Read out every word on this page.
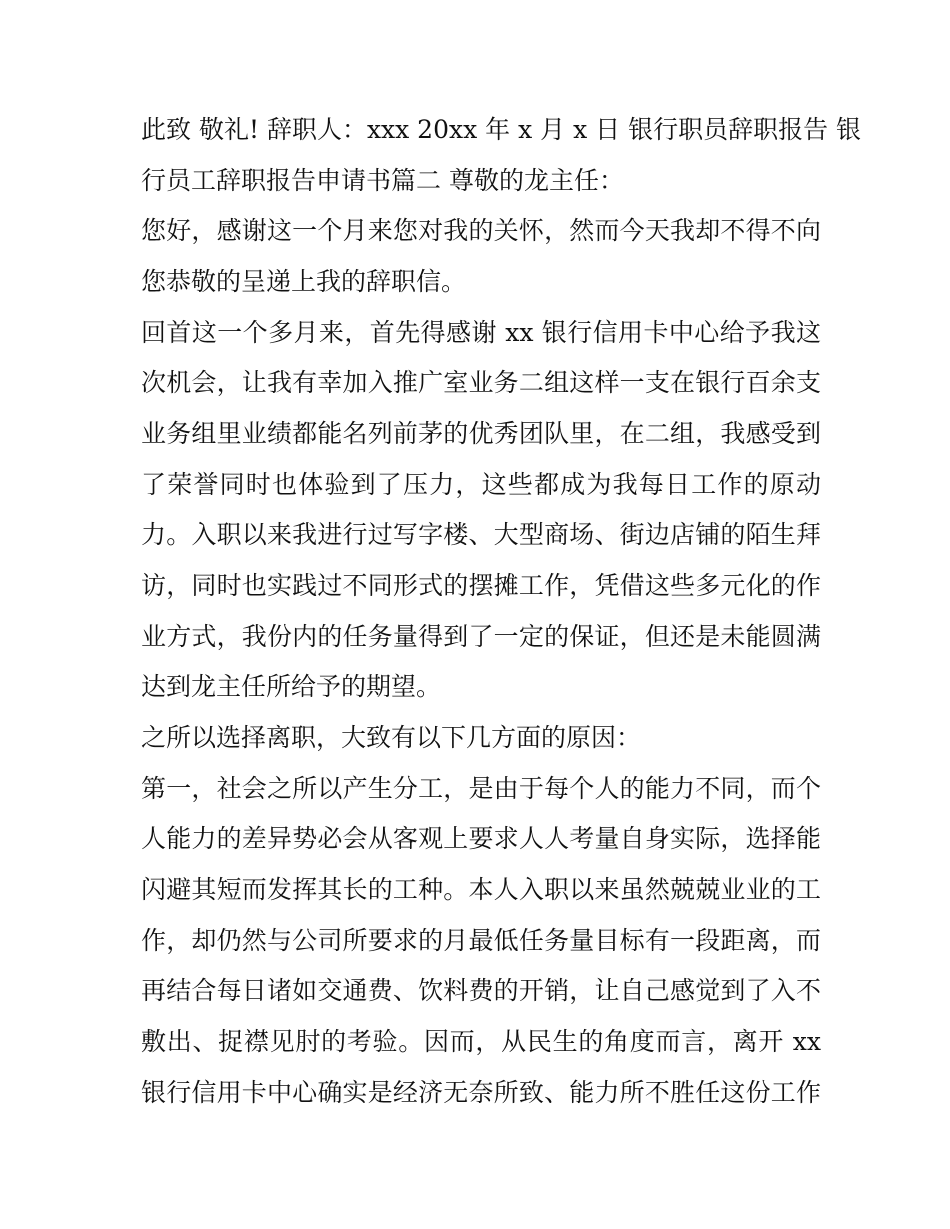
此致 敬礼! 辞职人：xxx 20xx 年 x 月 x 日 银行职员辞职报告 银
行员工辞职报告申请书篇二 尊敬的龙主任：
您好，感谢这一个月来您对我的关怀，然而今天我却不得不向
您恭敬的呈递上我的辞职信。
回首这一个多月来，首先得感谢 xx 银行信用卡中心给予我这
次机会，让我有幸加入推广室业务二组这样一支在银行百余支
业务组里业绩都能名列前茅的优秀团队里，在二组，我感受到
了荣誉同时也体验到了压力，这些都成为我每日工作的原动
力。入职以来我进行过写字楼、大型商场、街边店铺的陌生拜
访，同时也实践过不同形式的摆摊工作，凭借这些多元化的作
业方式，我份内的任务量得到了一定的保证，但还是未能圆满
达到龙主任所给予的期望。
之所以选择离职，大致有以下几方面的原因：
第一，社会之所以产生分工，是由于每个人的能力不同，而个
人能力的差异势必会从客观上要求人人考量自身实际，选择能
闪避其短而发挥其长的工种。本人入职以来虽然兢兢业业的工
作，却仍然与公司所要求的月最低任务量目标有一段距离，而
再结合每日诸如交通费、饮料费的开销，让自己感觉到了入不
敷出、捉襟见肘的考验。因而，从民生的角度而言，离开 xx
银行信用卡中心确实是经济无奈所致、能力所不胜任这份工作
